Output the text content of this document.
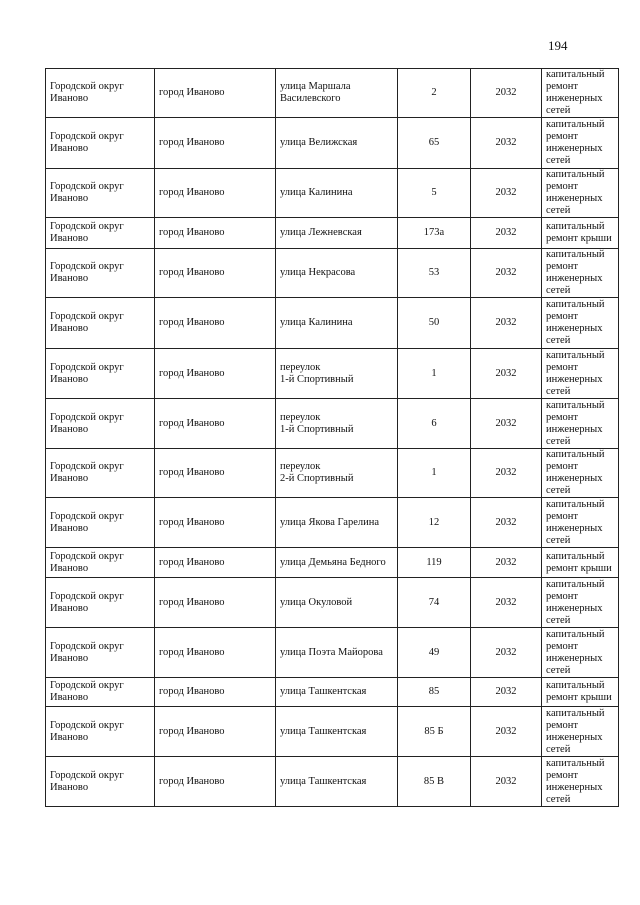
194
Городской округ
Иваново	город Иваново	улица Маршала
Василевского	2	2032	капитальный
ремонт
инженерных
сетей

Городской округ
Иваново	город Иваново	улица Велижская	65	2032	капитальный
ремонт
инженерных
сетей

Городской округ
Иваново	город Иваново	улица Калинина	5	2032	капитальный
ремонт
инженерных
сетей

Городской округ
Иваново	город Иваново	улица Лежневская	173а	2032	капитальный
ремонт крыши

Городской округ
Иваново	город Иваново	улица Некрасова	53	2032	капитальный
ремонт
инженерных
сетей

Городской округ
Иваново	город Иваново	улица Калинина	50	2032	капитальный
ремонт
инженерных
сетей

Городской округ
Иваново	город Иваново	переулок
1-й Спортивный	1	2032	капитальный
ремонт
инженерных
сетей

Городской округ
Иваново	город Иваново	переулок
1-й Спортивный	6	2032	капитальный
ремонт
инженерных
сетей

Городской округ
Иваново	город Иваново	переулок
2-й Спортивный	1	2032	капитальный
ремонт
инженерных
сетей

Городской округ
Иваново	город Иваново	улица Якова Гарелина	12	2032	капитальный
ремонт
инженерных
сетей

Городской округ
Иваново	город Иваново	улица Демьяна Бедного	119	2032	капитальный
ремонт крыши

Городской округ
Иваново	город Иваново	улица Окуловой	74	2032	капитальный
ремонт
инженерных
сетей

Городской округ
Иваново	город Иваново	улица Поэта Майорова	49	2032	капитальный
ремонт
инженерных
сетей

Городской округ
Иваново	город Иваново	улица Ташкентская	85	2032	капитальный
ремонт крыши

Городской округ
Иваново	город Иваново	улица Ташкентская	85 Б	2032	капитальный
ремонт
инженерных
сетей

Городской округ
Иваново	город Иваново	улица Ташкентская	85 В	2032	капитальный
ремонт
инженерных
сетей
